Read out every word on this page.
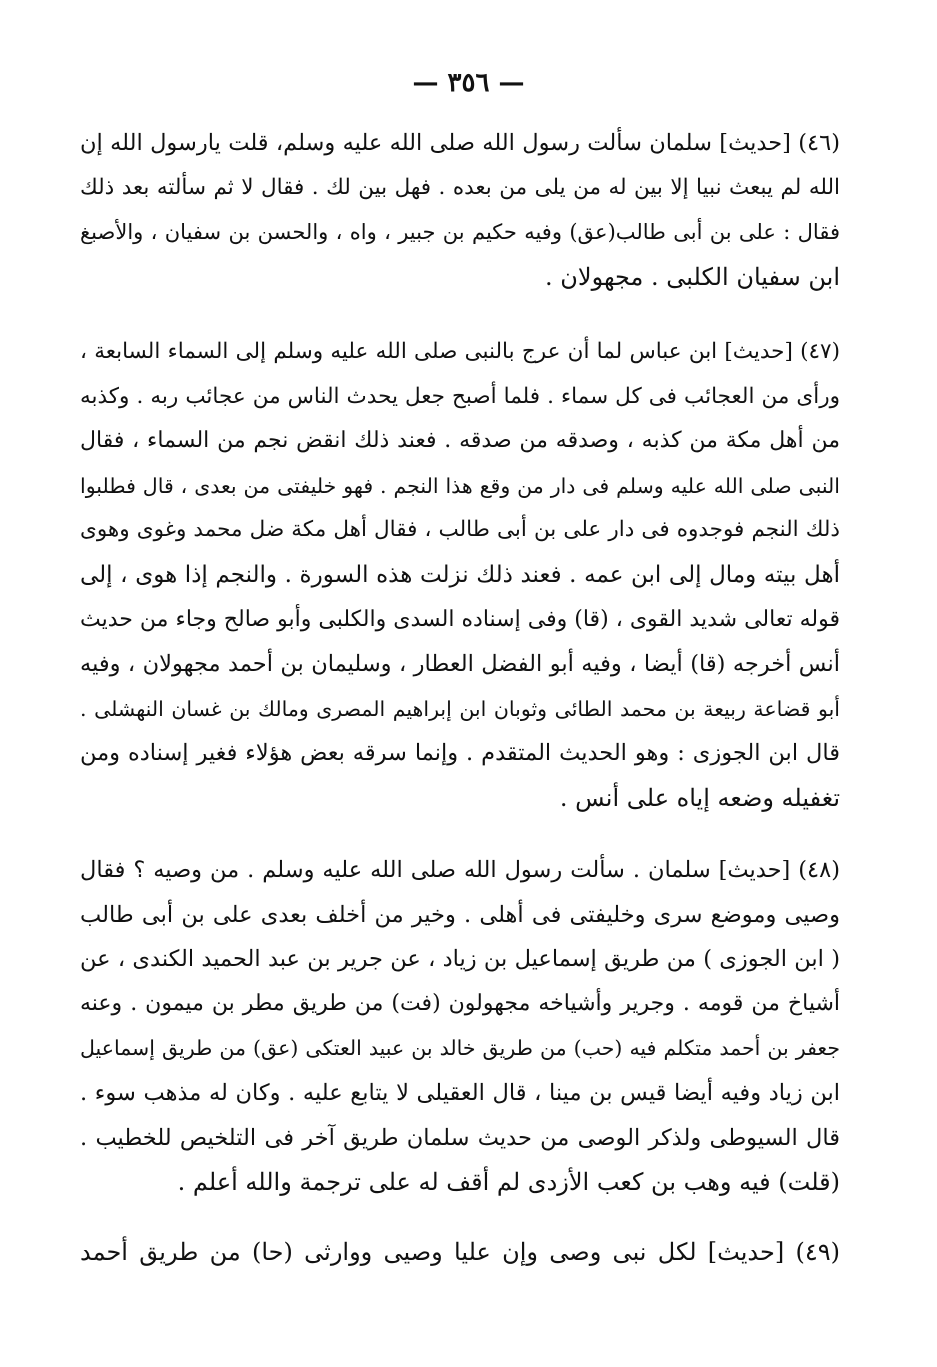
— ٣٥٦ —
(٤٦) [حديث] سلمان سألت رسول الله صلى الله عليه وسلم، قلت يارسول الله إن
الله لم يبعث نبيا إلا بين له من يلى من بعده . فهل بين لك . فقال لا ثم سألته بعد ذلك
فقال : على بن أبى طالب(عق) وفيه حكيم بن جبير ، واه ، والحسن بن سفيان ، والأصبغ
ابن سفيان الكلبى . مجهولان .
(٤٧) [حديث] ابن عباس لما أن عرج بالنبى صلى الله عليه وسلم إلى السماء السابعة ،
ورأى من العجائب فى كل سماء . فلما أصبح جعل يحدث الناس من عجائب ربه . وكذبه
من أهل مكة من كذبه ، وصدقه من صدقه . فعند ذلك انقض نجم من السماء ، فقال
النبى صلى الله عليه وسلم فى دار من وقع هذا النجم . فهو خليفتى من بعدى ، قال فطلبوا
ذلك النجم فوجدوه فى دار على بن أبى طالب ، فقال أهل مكة ضل محمد وغوى وهوى
أهل بيته ومال إلى ابن عمه . فعند ذلك نزلت هذه السورة . والنجم إذا هوى ، إلى
قوله تعالى شديد القوى ، (قا) وفى إسناده السدى والكلبى وأبو صالح وجاء من حديث
أنس أخرجه (قا) أيضا ، وفيه أبو الفضل العطار ، وسليمان بن أحمد مجهولان ، وفيه
أبو قضاعة ربيعة بن محمد الطائى وثوبان ابن إبراهيم المصرى ومالك بن غسان النهشلى .
قال ابن الجوزى : وهو الحديث المتقدم . وإنما سرقه بعض هؤلاء فغير إسناده ومن
تغفيله وضعه إياه على أنس .
(٤٨) [حديث] سلمان . سألت رسول الله صلى الله عليه وسلم . من وصيه ؟ فقال
وصيى وموضع سرى وخليفتى فى أهلى . وخير من أخلف بعدى على بن أبى طالب
( ابن الجوزى ) من طريق إسماعيل بن زياد ، عن جرير بن عبد الحميد الكندى ، عن
أشياخ من قومه . وجرير وأشياخه مجهولون (فت) من طريق مطر بن ميمون . وعنه
جعفر بن أحمد متكلم فيه (حب) من طريق خالد بن عبيد العتكى (عق) من طريق إسماعيل
ابن زياد وفيه أيضا قيس بن مينا ، قال العقيلى لا يتابع عليه . وكان له مذهب سوء .
قال السيوطى ولذكر الوصى من حديث سلمان طريق آخر فى التلخيص للخطيب .
(قلت) فيه وهب بن كعب الأزدى لم أقف له على ترجمة والله أعلم .
(٤٩) [حديث] لكل نبى وصى وإن عليا وصيى ووارثى (حا) من طريق أحمد
